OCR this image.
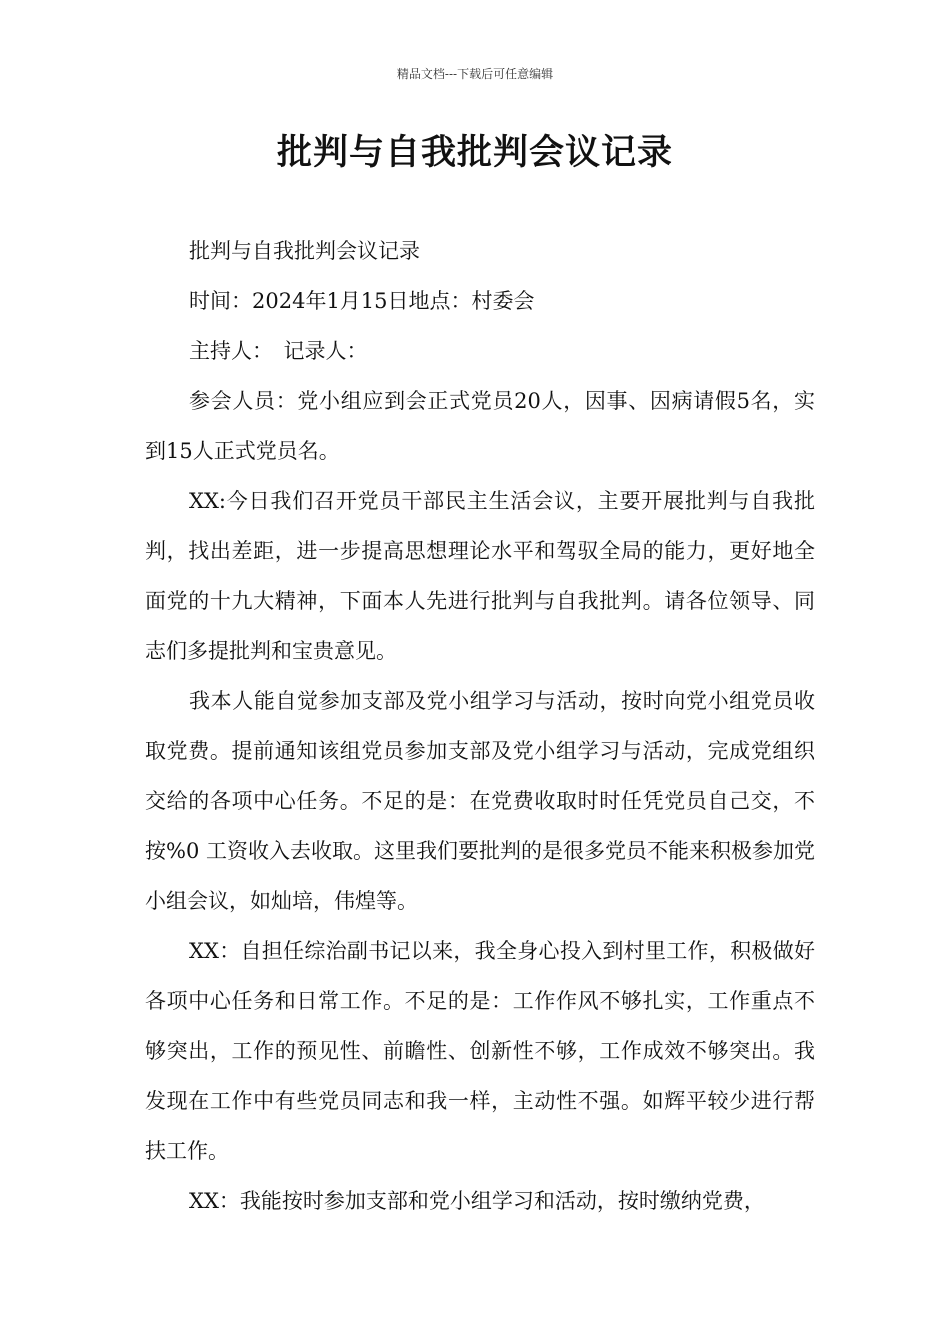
精品文档---下载后可任意编辑
批判与自我批判会议记录

批判与自我批判会议记录

时间：2024年1月15日地点：村委会

主持人：　记录人：

参会人员：党小组应到会正式党员20人，因事、因病请假5名，实到15人正式党员名。

XX:今日我们召开党员干部民主生活会议，主要开展批判与自我批判，找出差距，进一步提高思想理论水平和驾驭全局的能力，更好地全面党的十九大精神，下面本人先进行批判与自我批判。请各位领导、同志们多提批判和宝贵意见。

我本人能自觉参加支部及党小组学习与活动，按时向党小组党员收取党费。提前通知该组党员参加支部及党小组学习与活动，完成党组织交给的各项中心任务。不足的是：在党费收取时时任凭党员自己交，不按%0 工资收入去收取。这里我们要批判的是很多党员不能来积极参加党小组会议，如灿培，伟煌等。

XX：自担任综治副书记以来，我全身心投入到村里工作，积极做好各项中心任务和日常工作。不足的是：工作作风不够扎实，工作重点不够突出，工作的预见性、前瞻性、创新性不够，工作成效不够突出。我发现在工作中有些党员同志和我一样，主动性不强。如辉平较少进行帮扶工作。

XX：我能按时参加支部和党小组学习和活动，按时缴纳党费，
